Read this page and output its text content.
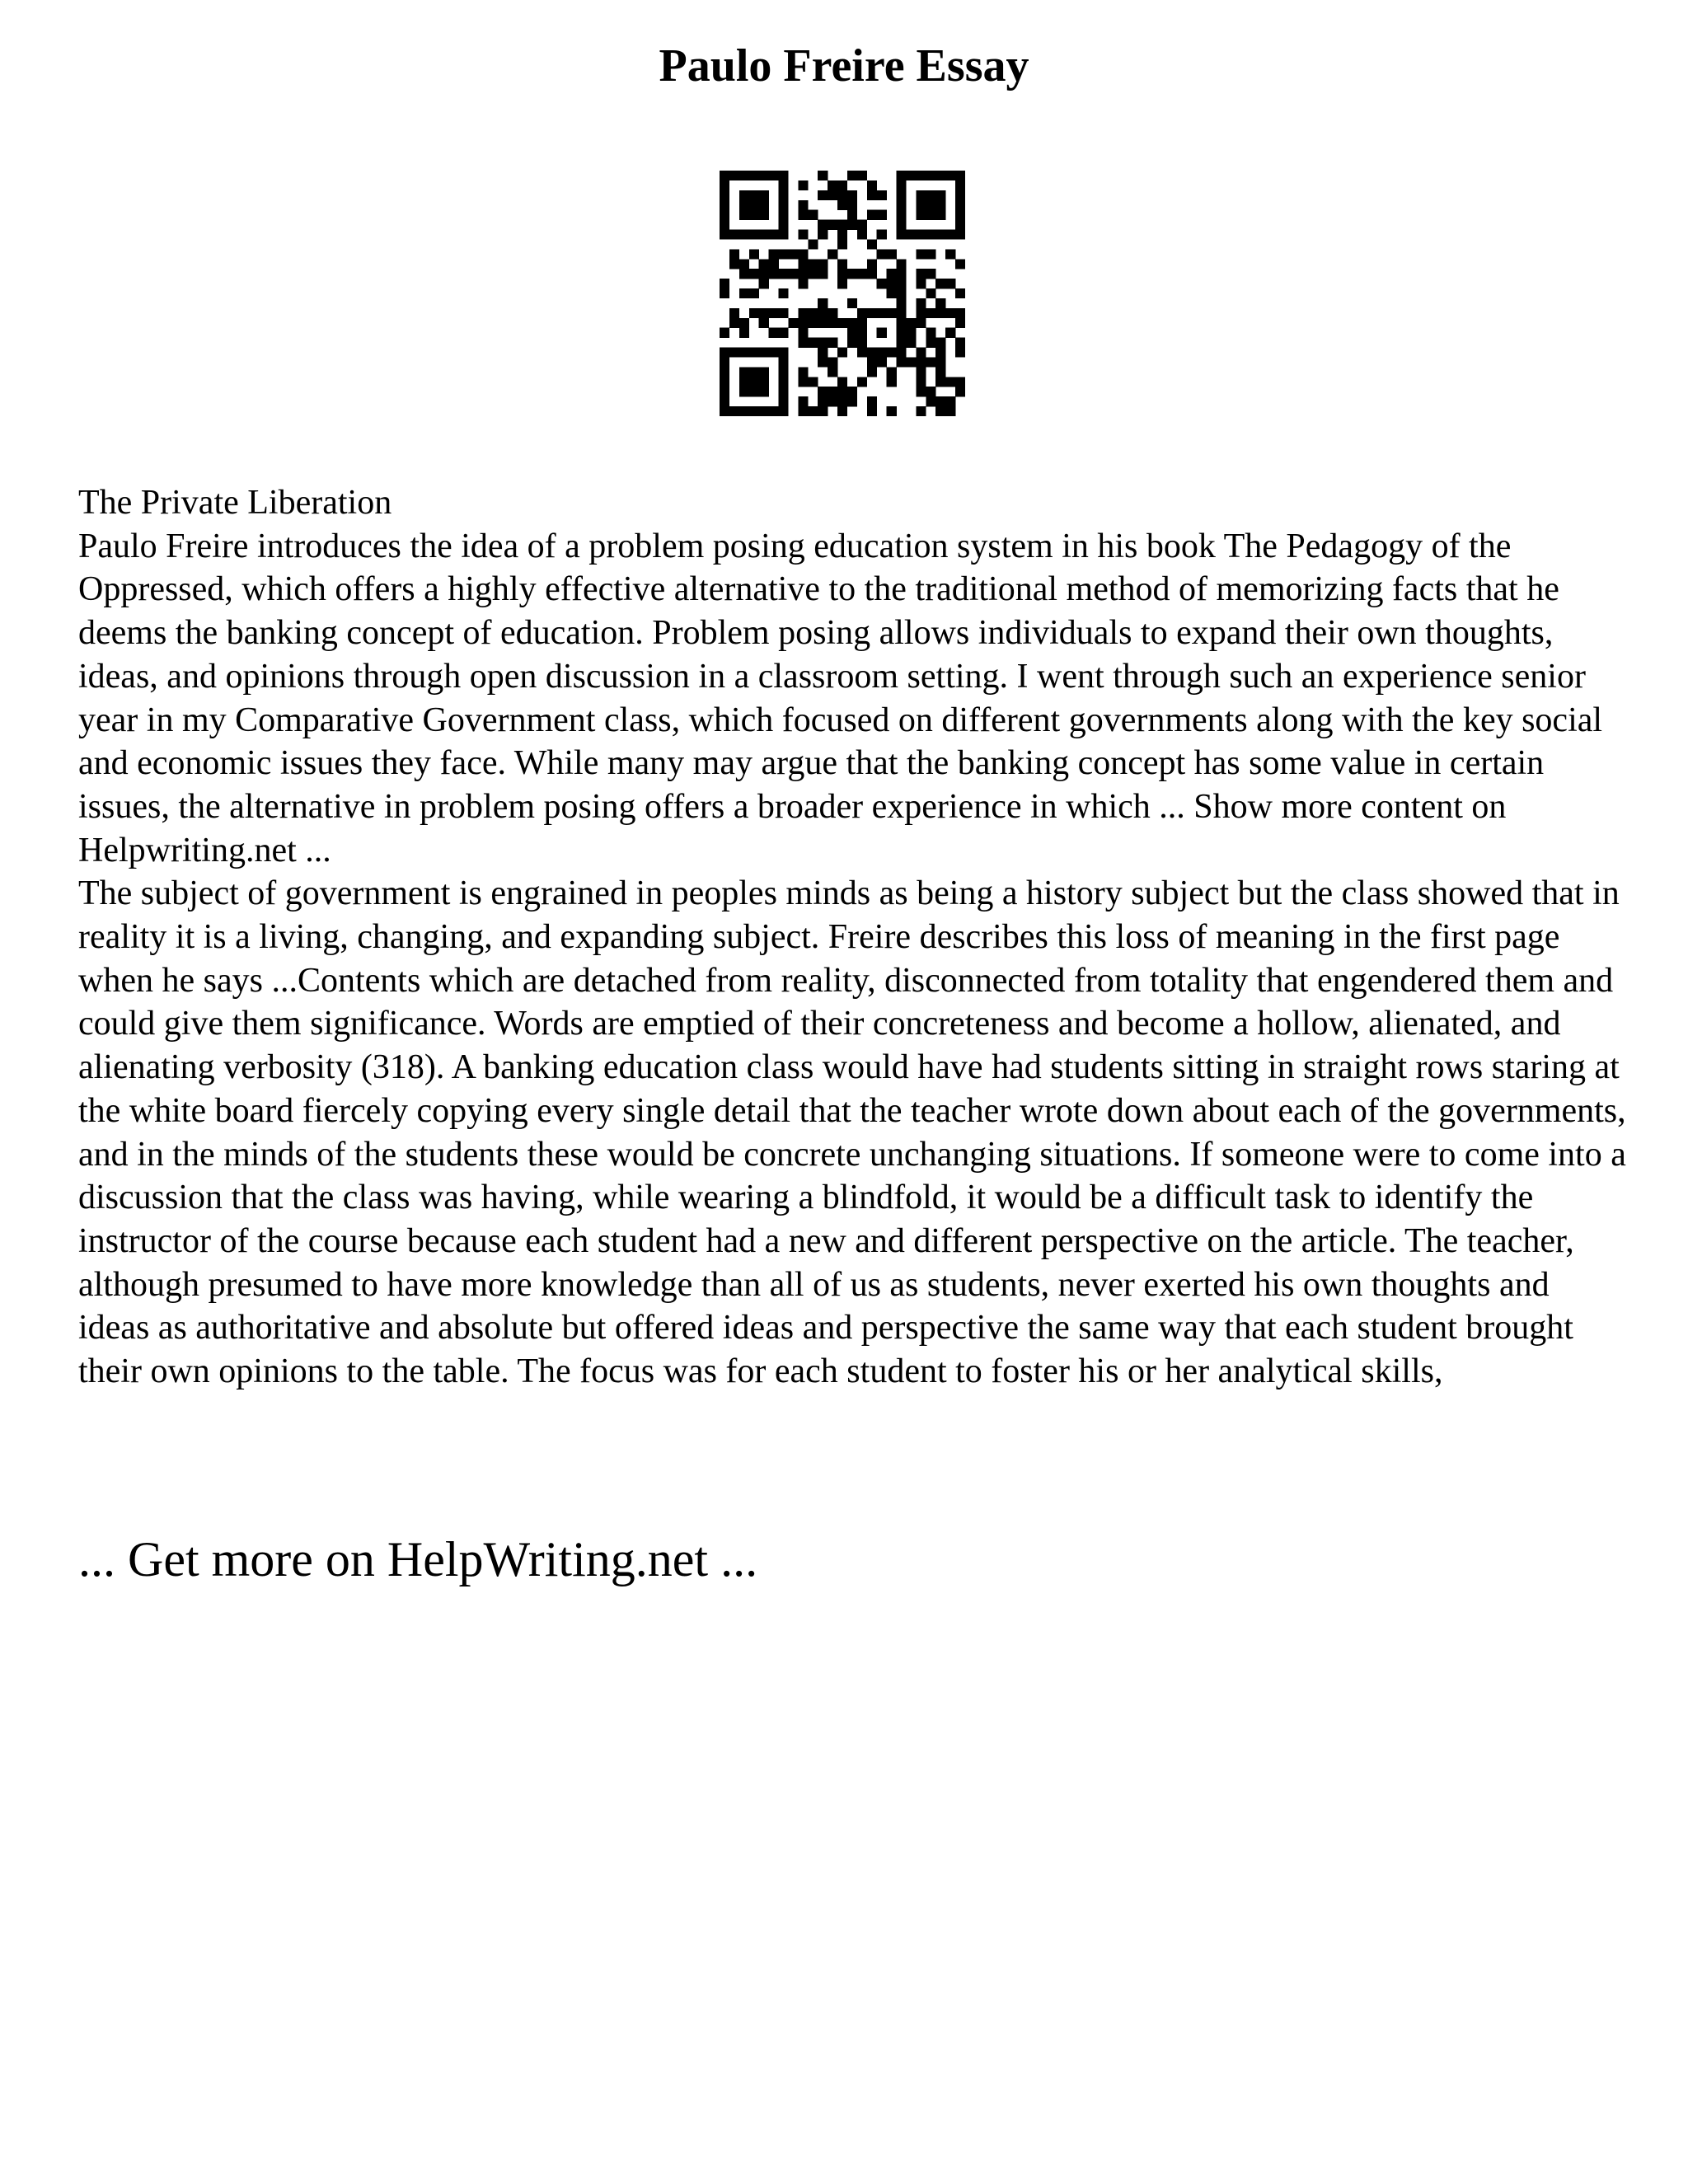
Paulo Freire Essay

The Private Liberation

Paulo Freire introduces the idea of a problem posing education system in his book The Pedagogy of the Oppressed, which offers a highly effective alternative to the traditional method of memorizing facts that he deems the banking concept of education. Problem posing allows individuals to expand their own thoughts, ideas, and opinions through open discussion in a classroom setting. I went through such an experience senior year in my Comparative Government class, which focused on different governments along with the key social and economic issues they face. While many may argue that the banking concept has some value in certain issues, the alternative in problem posing offers a broader experience in which ... Show more content on Helpwriting.net ...

The subject of government is engrained in peoples minds as being a history subject but the class showed that in reality it is a living, changing, and expanding subject. Freire describes this loss of meaning in the first page when he says ...Contents which are detached from reality, disconnected from totality that engendered them and could give them significance. Words are emptied of their concreteness and become a hollow, alienated, and alienating verbosity (318). A banking education class would have had students sitting in straight rows staring at the white board fiercely copying every single detail that the teacher wrote down about each of the governments, and in the minds of the students these would be concrete unchanging situations. If someone were to come into a discussion that the class was having, while wearing a blindfold, it would be a difficult task to identify the instructor of the course because each student had a new and different perspective on the article. The teacher, although presumed to have more knowledge than all of us as students, never exerted his own thoughts and ideas as authoritative and absolute but offered ideas and perspective the same way that each student brought their own opinions to the table. The focus was for each student to foster his or her analytical skills,

... Get more on HelpWriting.net ...
